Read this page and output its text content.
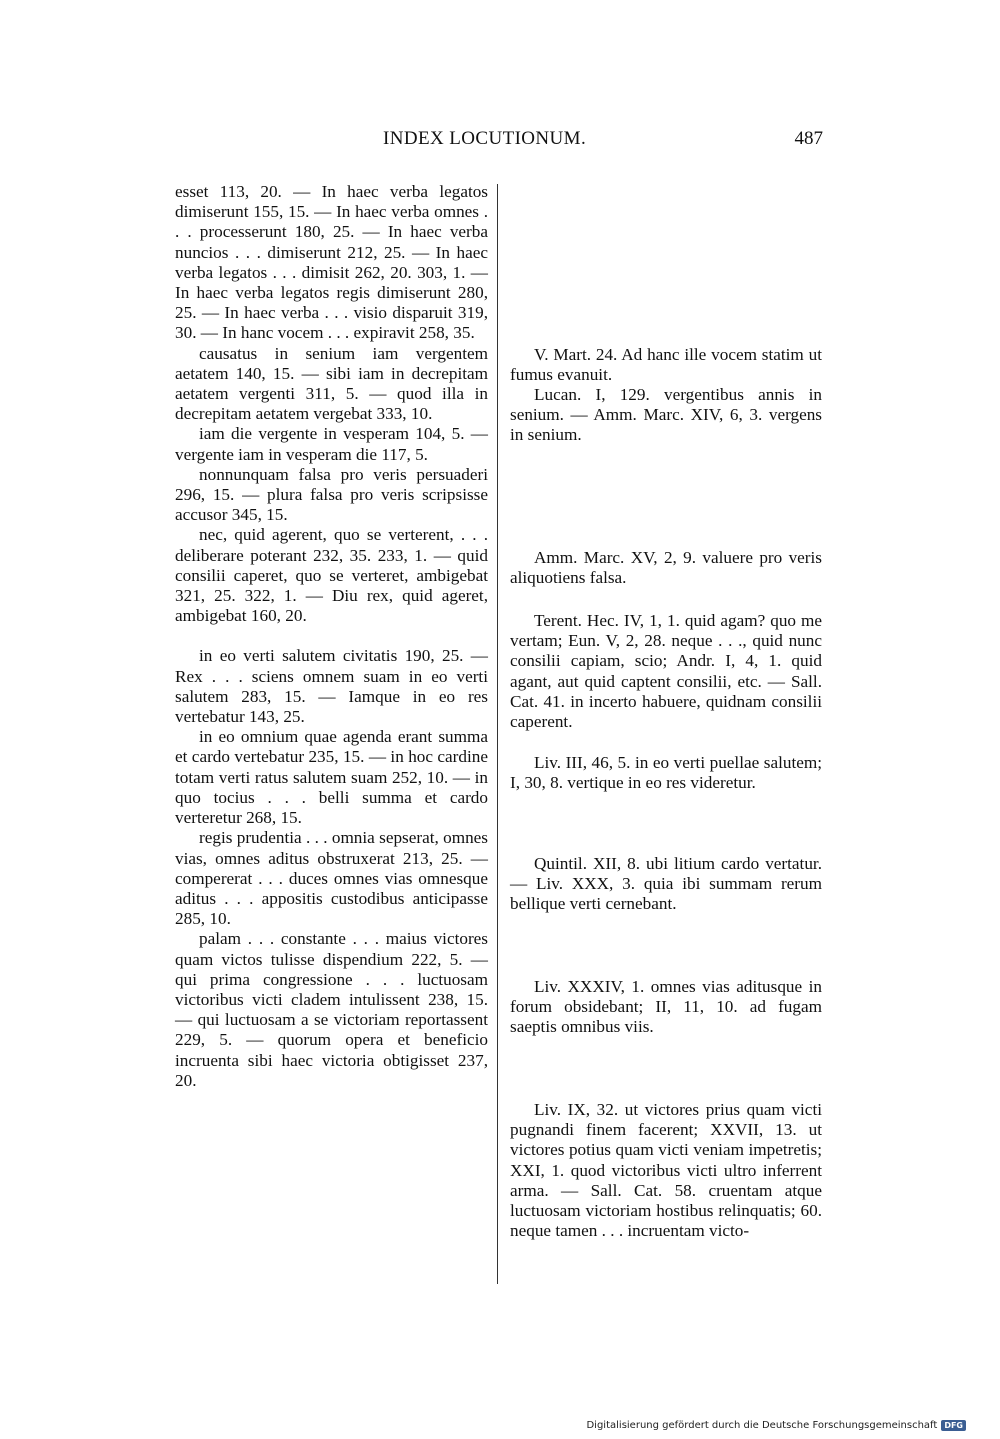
INDEX LOCUTIONUM.	487

esset 113, 20. — In haec verba legatos dimiserunt 155, 15. — In haec verba omnes . . . processerunt 180, 25. — In haec verba nuncios . . . dimiserunt 212, 25. — In haec verba legatos . . . dimisit 262, 20. 303, 1. — In haec verba legatos regis dimiserunt 280, 25. — In haec verba . . . visio disparuit 319, 30. — In hanc vocem . . . expiravit 258, 35.

causatus in senium iam vergentem aetatem 140, 15. — sibi iam in decrepitam aetatem vergenti 311, 5. — quod illa in decrepitam aetatem vergebat 333, 10.

iam die vergente in vesperam 104, 5. — vergente iam in vesperam die 117, 5.

nonnunquam falsa pro veris persuaderi 296, 15. — plura falsa pro veris scripsisse accusor 345, 15.

nec, quid agerent, quo se verterent, . . . deliberare poterant 232, 35. 233, 1. — quid consilii caperet, quo se verteret, ambigebat 321, 25. 322, 1. — Diu rex, quid ageret, ambigebat 160, 20.

in eo verti salutem civitatis 190, 25. — Rex . . . sciens omnem suam in eo verti salutem 283, 15. — Iamque in eo res vertebatur 143, 25.

in eo omnium quae agenda erant summa et cardo vertebatur 235, 15. — in hoc cardine totam verti ratus salutem suam 252, 10. — in quo tocius . . . belli summa et cardo verteretur 268, 15.

regis prudentia . . . omnia sepserat, omnes vias, omnes aditus obstruxerat 213, 25. — compererat . . . duces omnes vias omnesque aditus . . . appositis custodibus anticipasse 285, 10.

palam . . . constante . . . maius victores quam victos tulisse dispendium 222, 5. — qui prima congressione . . . luctuosam victoribus victi cladem intulissent 238, 15. — qui luctuosam a se victoriam reportassent 229, 5. — quorum opera et beneficio incruenta sibi haec victoria obtigisset 237, 20.

V. Mart. 24. Ad hanc ille vocem statim ut fumus evanuit.

Lucan. I, 129. vergentibus annis in senium. — Amm. Marc. XIV, 6, 3. vergens in senium.

Amm. Marc. XV, 2, 9. valuere pro veris aliquotiens falsa.

Terent. Hec. IV, 1, 1. quid agam? quo me vertam; Eun. V, 2, 28. neque . . ., quid nunc consilii capiam, scio; Andr. I, 4, 1. quid agant, aut quid captent consilii, etc. — Sall. Cat. 41. in incerto habuere, quidnam consilii caperent.

Liv. III, 46, 5. in eo verti puellae salutem; I, 30, 8. vertique in eo res videretur.

Quintil. XII, 8. ubi litium cardo vertatur. — Liv. XXX, 3. quia ibi summam rerum bellique verti cernebant.

Liv. XXXIV, 1. omnes vias aditusque in forum obsidebant; II, 11, 10. ad fugam saeptis omnibus viis.

Liv. IX, 32. ut victores prius quam victi pugnandi finem facerent; XXVII, 13. ut victores potius quam victi veniam impetretis; XXI, 1. quod victoribus victi ultro inferrent arma. — Sall. Cat. 58. cruentam atque luctuosam victoriam hostibus relinquatis; 60. neque tamen . . . incruentam victo-

Digitalisierung gefördert durch die Deutsche Forschungsgemeinschaft DFG
